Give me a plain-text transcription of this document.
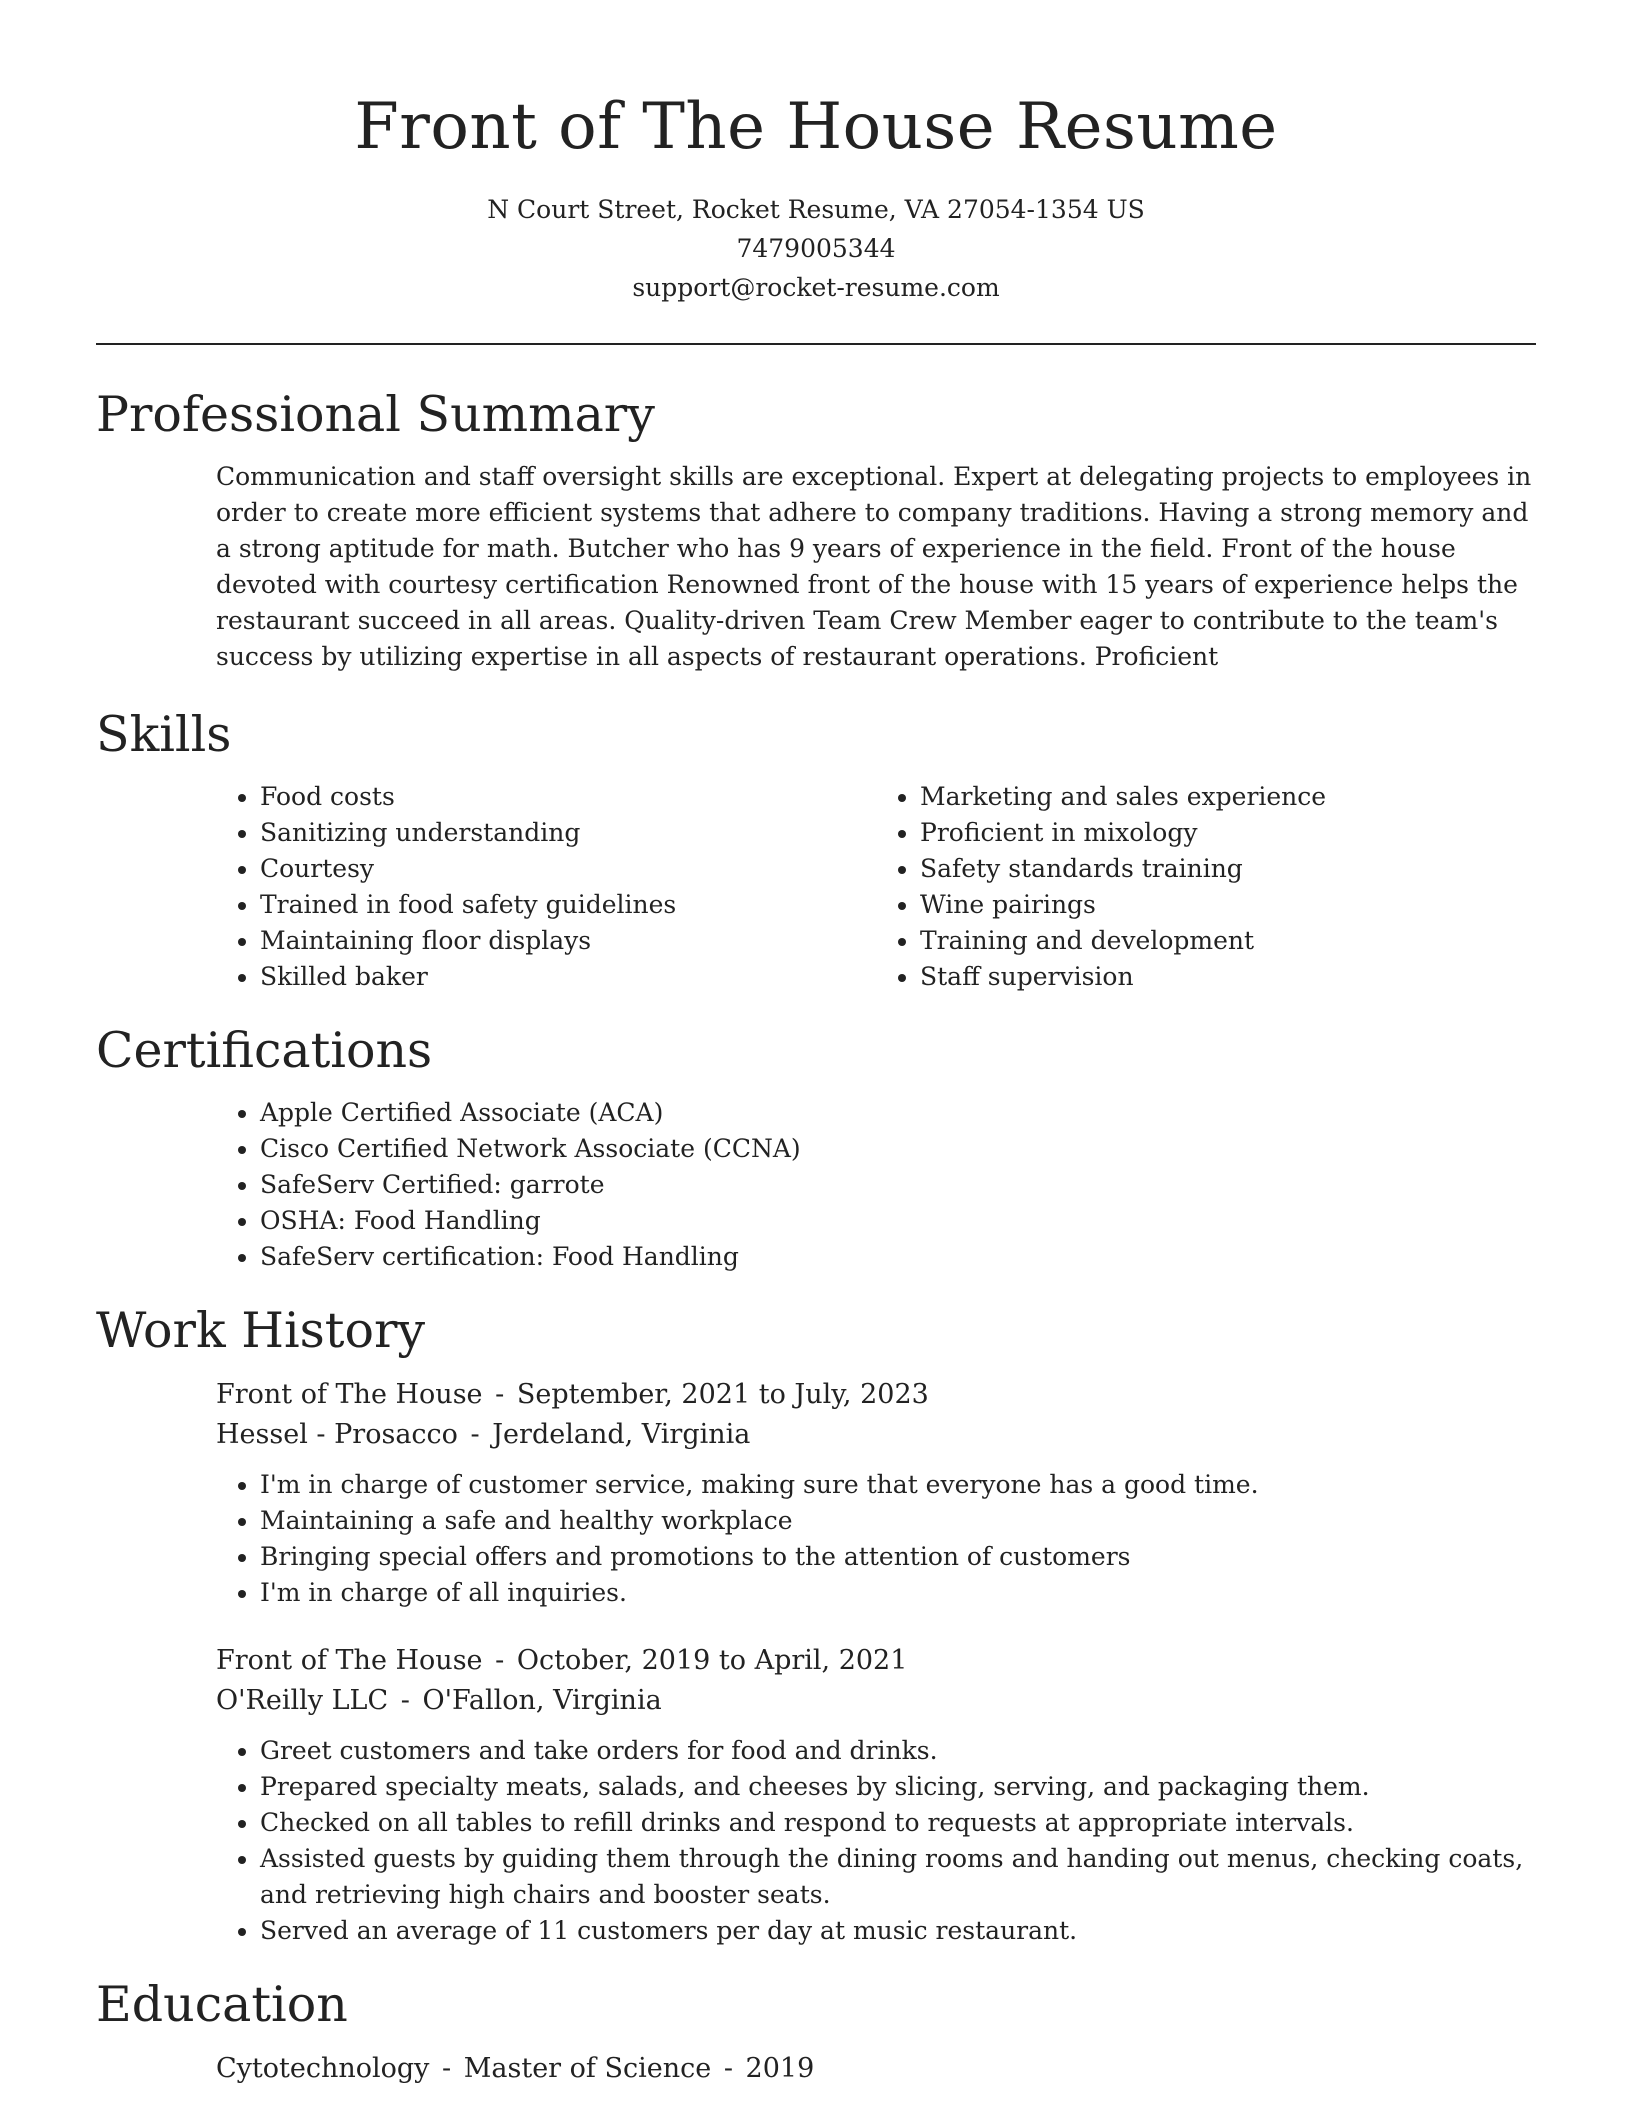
Front of The House Resume
N Court Street, Rocket Resume, VA 27054-1354 US
7479005344
support@rocket-resume.com
Professional Summary
Communication and staff oversight skills are exceptional. Expert at delegating projects to employees in order to create more efficient systems that adhere to company traditions. Having a strong memory and a strong aptitude for math. Butcher who has 9 years of experience in the field. Front of the house devoted with courtesy certification Renowned front of the house with 15 years of experience helps the restaurant succeed in all areas. Quality-driven Team Crew Member eager to contribute to the team's success by utilizing expertise in all aspects of restaurant operations. Proficient
Skills
• Food costs
• Sanitizing understanding
• Courtesy
• Trained in food safety guidelines
• Maintaining floor displays
• Skilled baker
• Marketing and sales experience
• Proficient in mixology
• Safety standards training
• Wine pairings
• Training and development
• Staff supervision
Certifications
• Apple Certified Associate (ACA)
• Cisco Certified Network Associate (CCNA)
• SafeServ Certified: garrote
• OSHA: Food Handling
• SafeServ certification: Food Handling
Work History
Front of The House - September, 2021 to July, 2023
Hessel - Prosacco - Jerdeland, Virginia
• I'm in charge of customer service, making sure that everyone has a good time.
• Maintaining a safe and healthy workplace
• Bringing special offers and promotions to the attention of customers
• I'm in charge of all inquiries.
Front of The House - October, 2019 to April, 2021
O'Reilly LLC - O'Fallon, Virginia
• Greet customers and take orders for food and drinks.
• Prepared specialty meats, salads, and cheeses by slicing, serving, and packaging them.
• Checked on all tables to refill drinks and respond to requests at appropriate intervals.
• Assisted guests by guiding them through the dining rooms and handing out menus, checking coats, and retrieving high chairs and booster seats.
• Served an average of 11 customers per day at music restaurant.
Education
Cytotechnology - Master of Science - 2019
